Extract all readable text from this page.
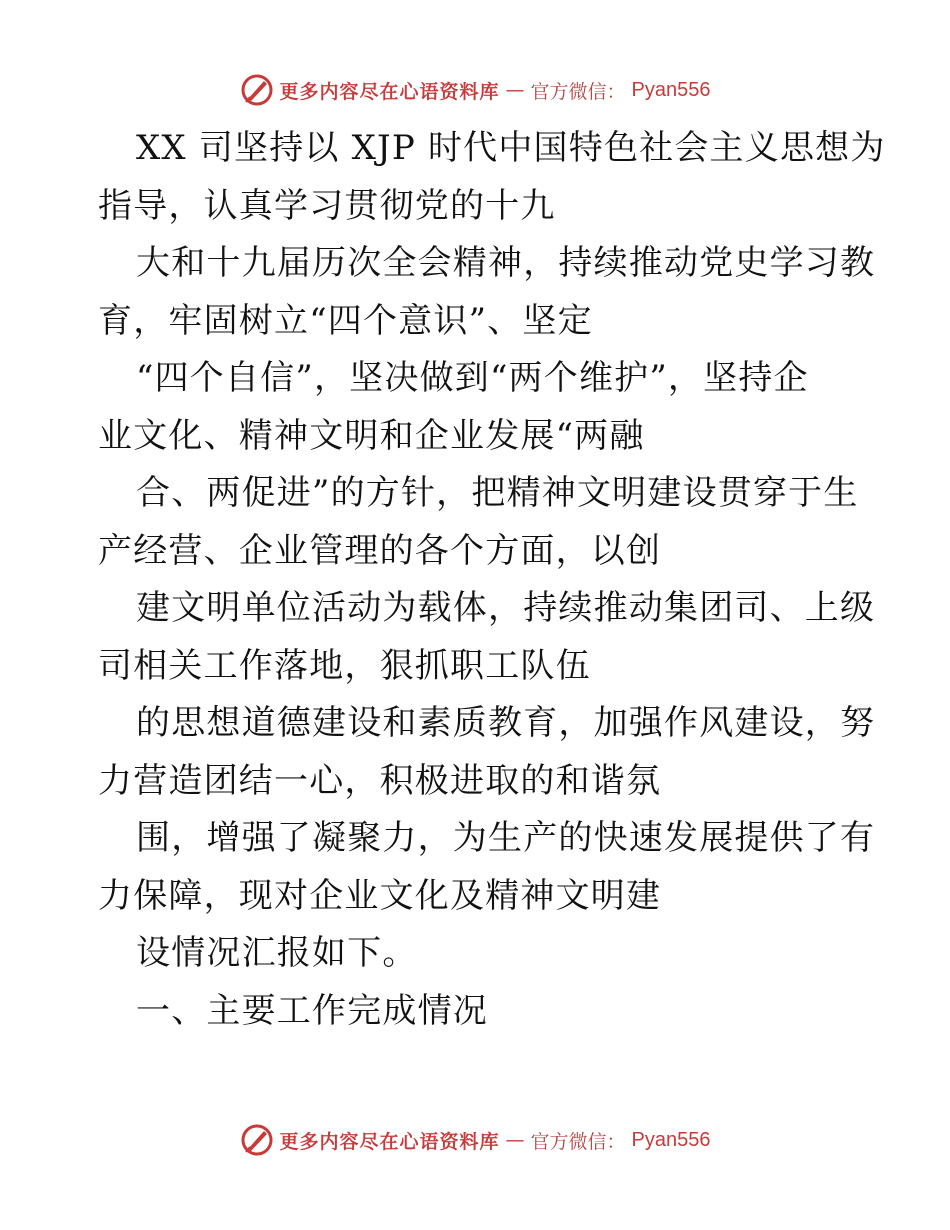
更多内容尽在心语资料库 — 官方微信： Pyan556
XX 司坚持以 XJP 时代中国特色社会主义思想为
指导，认真学习贯彻党的十九
大和十九届历次全会精神，持续推动党史学习教
育，牢固树立“四个意识”、坚定
“四个自信”，坚决做到“两个维护”，坚持企
业文化、精神文明和企业发展“两融
合、两促进”的方针，把精神文明建设贯穿于生
产经营、企业管理的各个方面，以创
建文明单位活动为载体，持续推动集团司、上级
司相关工作落地，狠抓职工队伍
的思想道德建设和素质教育，加强作风建设，努
力营造团结一心，积极进取的和谐氛
围，增强了凝聚力，为生产的快速发展提供了有
力保障，现对企业文化及精神文明建
设情况汇报如下。
一、主要工作完成情况
更多内容尽在心语资料库 — 官方微信： Pyan556
